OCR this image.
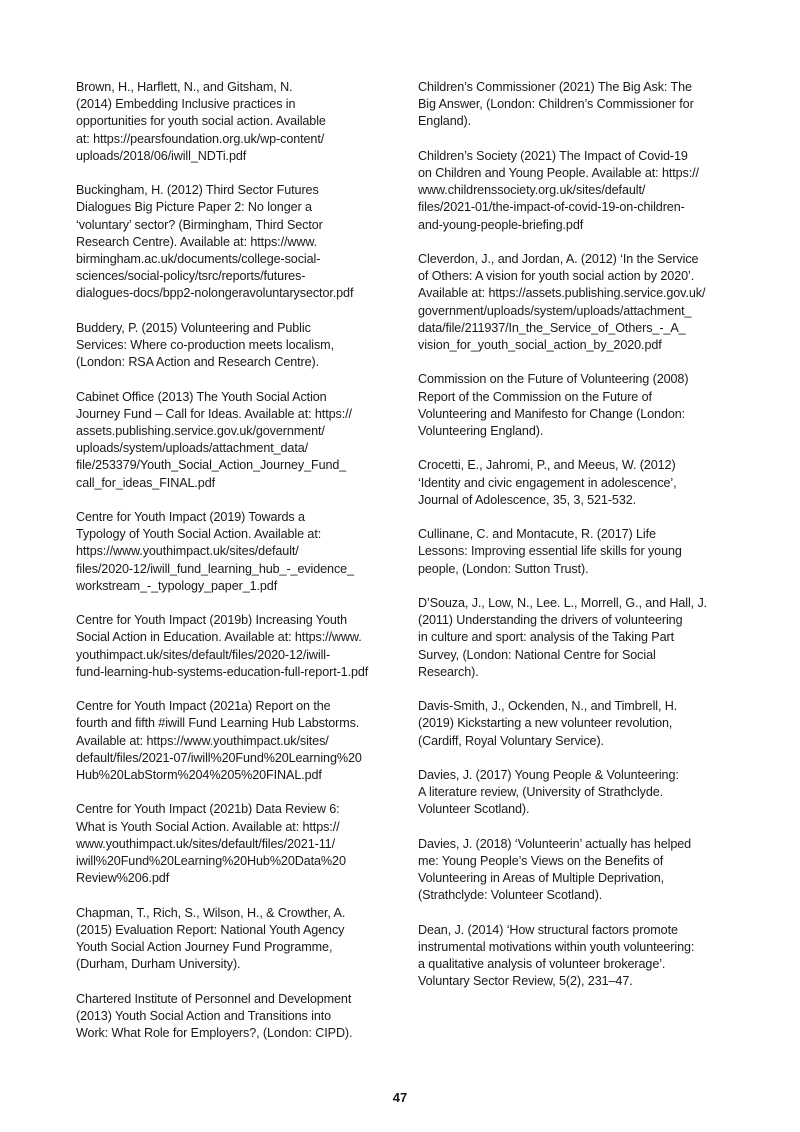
Brown, H., Harflett, N., and Gitsham, N.
(2014) Embedding Inclusive practices in
opportunities for youth social action. Available
at: https://pearsfoundation.org.uk/wp-content/
uploads/2018/06/iwill_NDTi.pdf

Buckingham, H. (2012) Third Sector Futures
Dialogues Big Picture Paper 2: No longer a
‘voluntary’ sector? (Birmingham, Third Sector
Research Centre). Available at: https://www.
birmingham.ac.uk/documents/college-social-
sciences/social-policy/tsrc/reports/futures-
dialogues-docs/bpp2-nolongeravoluntarysector.pdf

Buddery, P. (2015) Volunteering and Public
Services: Where co-production meets localism,
(London: RSA Action and Research Centre).

Cabinet Office (2013) The Youth Social Action
Journey Fund – Call for Ideas. Available at: https://
assets.publishing.service.gov.uk/government/
uploads/system/uploads/attachment_data/
file/253379/Youth_Social_Action_Journey_Fund_
call_for_ideas_FINAL.pdf

Centre for Youth Impact (2019) Towards a
Typology of Youth Social Action. Available at:
https://www.youthimpact.uk/sites/default/
files/2020-12/iwill_fund_learning_hub_-_evidence_
workstream_-_typology_paper_1.pdf

Centre for Youth Impact (2019b) Increasing Youth
Social Action in Education. Available at: https://www.
youthimpact.uk/sites/default/files/2020-12/iwill-
fund-learning-hub-systems-education-full-report-1.pdf

Centre for Youth Impact (2021a) Report on the
fourth and fifth #iwill Fund Learning Hub Labstorms.
Available at: https://www.youthimpact.uk/sites/
default/files/2021-07/iwill%20Fund%20Learning%20
Hub%20LabStorm%204%205%20FINAL.pdf

Centre for Youth Impact (2021b) Data Review 6:
What is Youth Social Action. Available at: https://
www.youthimpact.uk/sites/default/files/2021-11/
iwill%20Fund%20Learning%20Hub%20Data%20
Review%206.pdf

Chapman, T., Rich, S., Wilson, H., & Crowther, A.
(2015) Evaluation Report: National Youth Agency
Youth Social Action Journey Fund Programme,
(Durham, Durham University).

Chartered Institute of Personnel and Development
(2013) Youth Social Action and Transitions into
Work: What Role for Employers?, (London: CIPD).

Children’s Commissioner (2021) The Big Ask: The
Big Answer, (London: Children’s Commissioner for
England).

Children’s Society (2021) The Impact of Covid-19
on Children and Young People. Available at: https://
www.childrenssociety.org.uk/sites/default/
files/2021-01/the-impact-of-covid-19-on-children-
and-young-people-briefing.pdf

Cleverdon, J., and Jordan, A. (2012) ‘In the Service
of Others: A vision for youth social action by 2020’.
Available at: https://assets.publishing.service.gov.uk/
government/uploads/system/uploads/attachment_
data/file/211937/In_the_Service_of_Others_-_A_
vision_for_youth_social_action_by_2020.pdf

Commission on the Future of Volunteering (2008)
Report of the Commission on the Future of
Volunteering and Manifesto for Change (London:
Volunteering England).

Crocetti, E., Jahromi, P., and Meeus, W. (2012)
‘Identity and civic engagement in adolescence’,
Journal of Adolescence, 35, 3, 521-532.

Cullinane, C. and Montacute, R. (2017) Life
Lessons: Improving essential life skills for young
people, (London: Sutton Trust).

D’Souza, J., Low, N., Lee. L., Morrell, G., and Hall, J.
(2011) Understanding the drivers of volunteering
in culture and sport: analysis of the Taking Part
Survey, (London: National Centre for Social
Research).

Davis-Smith, J., Ockenden, N., and Timbrell, H.
(2019) Kickstarting a new volunteer revolution,
(Cardiff, Royal Voluntary Service).

Davies, J. (2017) Young People & Volunteering:
A literature review, (University of Strathclyde.
Volunteer Scotland).

Davies, J. (2018) ‘Volunteerin’ actually has helped
me: Young People’s Views on the Benefits of
Volunteering in Areas of Multiple Deprivation,
(Strathclyde: Volunteer Scotland).

Dean, J. (2014) ‘How structural factors promote
instrumental motivations within youth volunteering:
a qualitative analysis of volunteer brokerage’.
Voluntary Sector Review, 5(2), 231–47.

47
